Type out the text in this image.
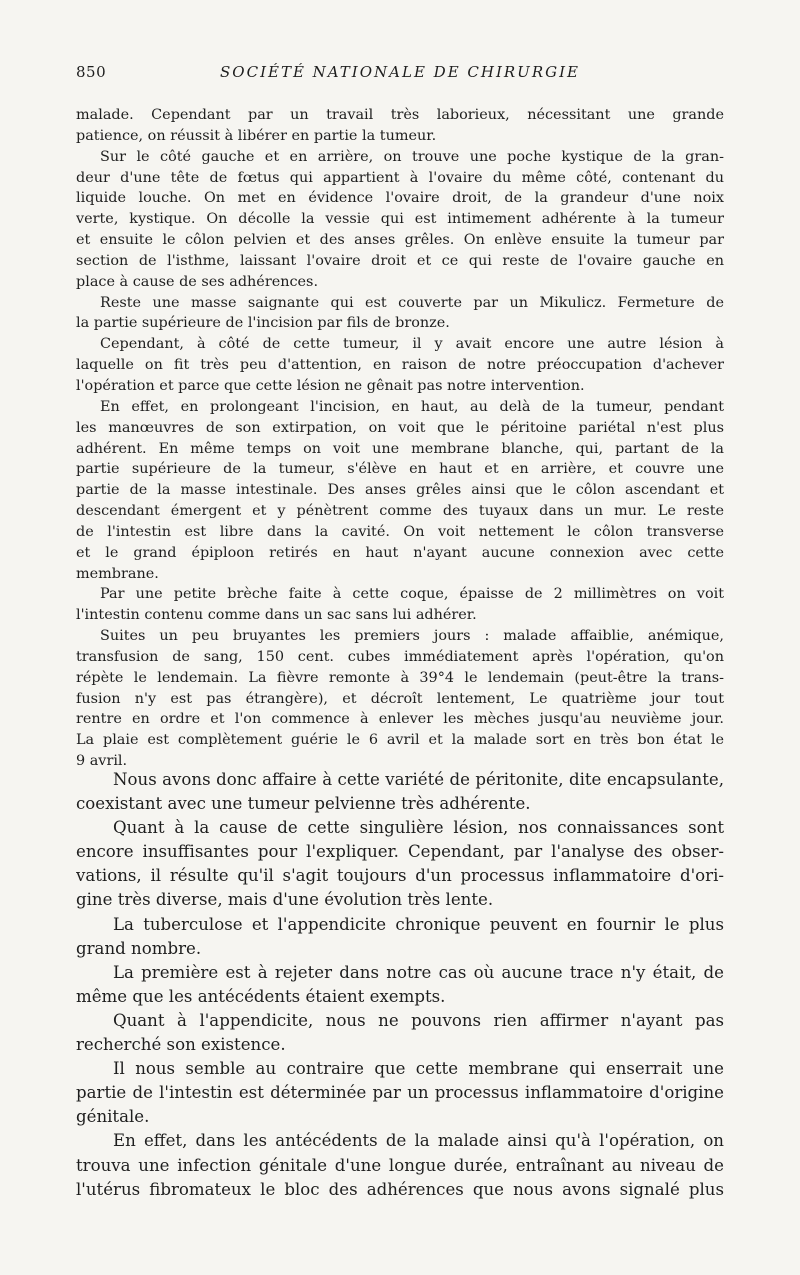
850	SOCIÉTÉ NATIONALE DE CHIRURGIE
malade. Cependant par un travail très laborieux, nécessitant une grande
patience, on réussit à libérer en partie la tumeur.
Sur le côté gauche et en arrière, on trouve une poche kystique de la gran-
deur d'une tête de fœtus qui appartient à l'ovaire du même côté, contenant du
liquide louche. On met en évidence l'ovaire droit, de la grandeur d'une noix
verte, kystique. On décolle la vessie qui est intimement adhérente à la tumeur
et ensuite le côlon pelvien et des anses grêles. On enlève ensuite la tumeur par
section de l'isthme, laissant l'ovaire droit et ce qui reste de l'ovaire gauche en
place à cause de ses adhérences.
Reste une masse saignante qui est couverte par un Mikulicz. Fermeture de
la partie supérieure de l'incision par fils de bronze.
Cependant, à côté de cette tumeur, il y avait encore une autre lésion à
laquelle on fit très peu d'attention, en raison de notre préoccupation d'achever
l'opération et parce que cette lésion ne gênait pas notre intervention.
En effet, en prolongeant l'incision, en haut, au delà de la tumeur, pendant
les manœuvres de son extirpation, on voit que le péritoine pariétal n'est plus
adhérent. En même temps on voit une membrane blanche, qui, partant de la
partie supérieure de la tumeur, s'élève en haut et en arrière, et couvre une
partie de la masse intestinale. Des anses grêles ainsi que le côlon ascendant et
descendant émergent et y pénètrent comme des tuyaux dans un mur. Le reste
de l'intestin est libre dans la cavité. On voit nettement le côlon transverse
et le grand épiploon retirés en haut n'ayant aucune connexion avec cette
membrane.
Par une petite brèche faite à cette coque, épaisse de 2 millimètres on voit
l'intestin contenu comme dans un sac sans lui adhérer.
Suites un peu bruyantes les premiers jours : malade affaiblie, anémique,
transfusion de sang, 150 cent. cubes immédiatement après l'opération, qu'on
répète le lendemain. La fièvre remonte à 39°4 le lendemain (peut-être la trans-
fusion n'y est pas étrangère), et décroît lentement, Le quatrième jour tout
rentre en ordre et l'on commence à enlever les mèches jusqu'au neuvième jour.
La plaie est complètement guérie le 6 avril et la malade sort en très bon état le
9 avril.
Nous avons donc affaire à cette variété de péritonite, dite encapsulante,
coexistant avec une tumeur pelvienne très adhérente.
Quant à la cause de cette singulière lésion, nos connaissances sont
encore insuffisantes pour l'expliquer. Cependant, par l'analyse des obser-
vations, il résulte qu'il s'agit toujours d'un processus inflammatoire d'ori-
gine très diverse, mais d'une évolution très lente.
La tuberculose et l'appendicite chronique peuvent en fournir le plus
grand nombre.
La première est à rejeter dans notre cas où aucune trace n'y était, de
même que les antécédents étaient exempts.
Quant à l'appendicite, nous ne pouvons rien affirmer n'ayant pas
recherché son existence.
Il nous semble au contraire que cette membrane qui enserrait une
partie de l'intestin est déterminée par un processus inflammatoire d'origine
génitale.
En effet, dans les antécédents de la malade ainsi qu'à l'opération, on
trouva une infection génitale d'une longue durée, entraînant au niveau de
l'utérus fibromateux le bloc des adhérences que nous avons signalé plus
